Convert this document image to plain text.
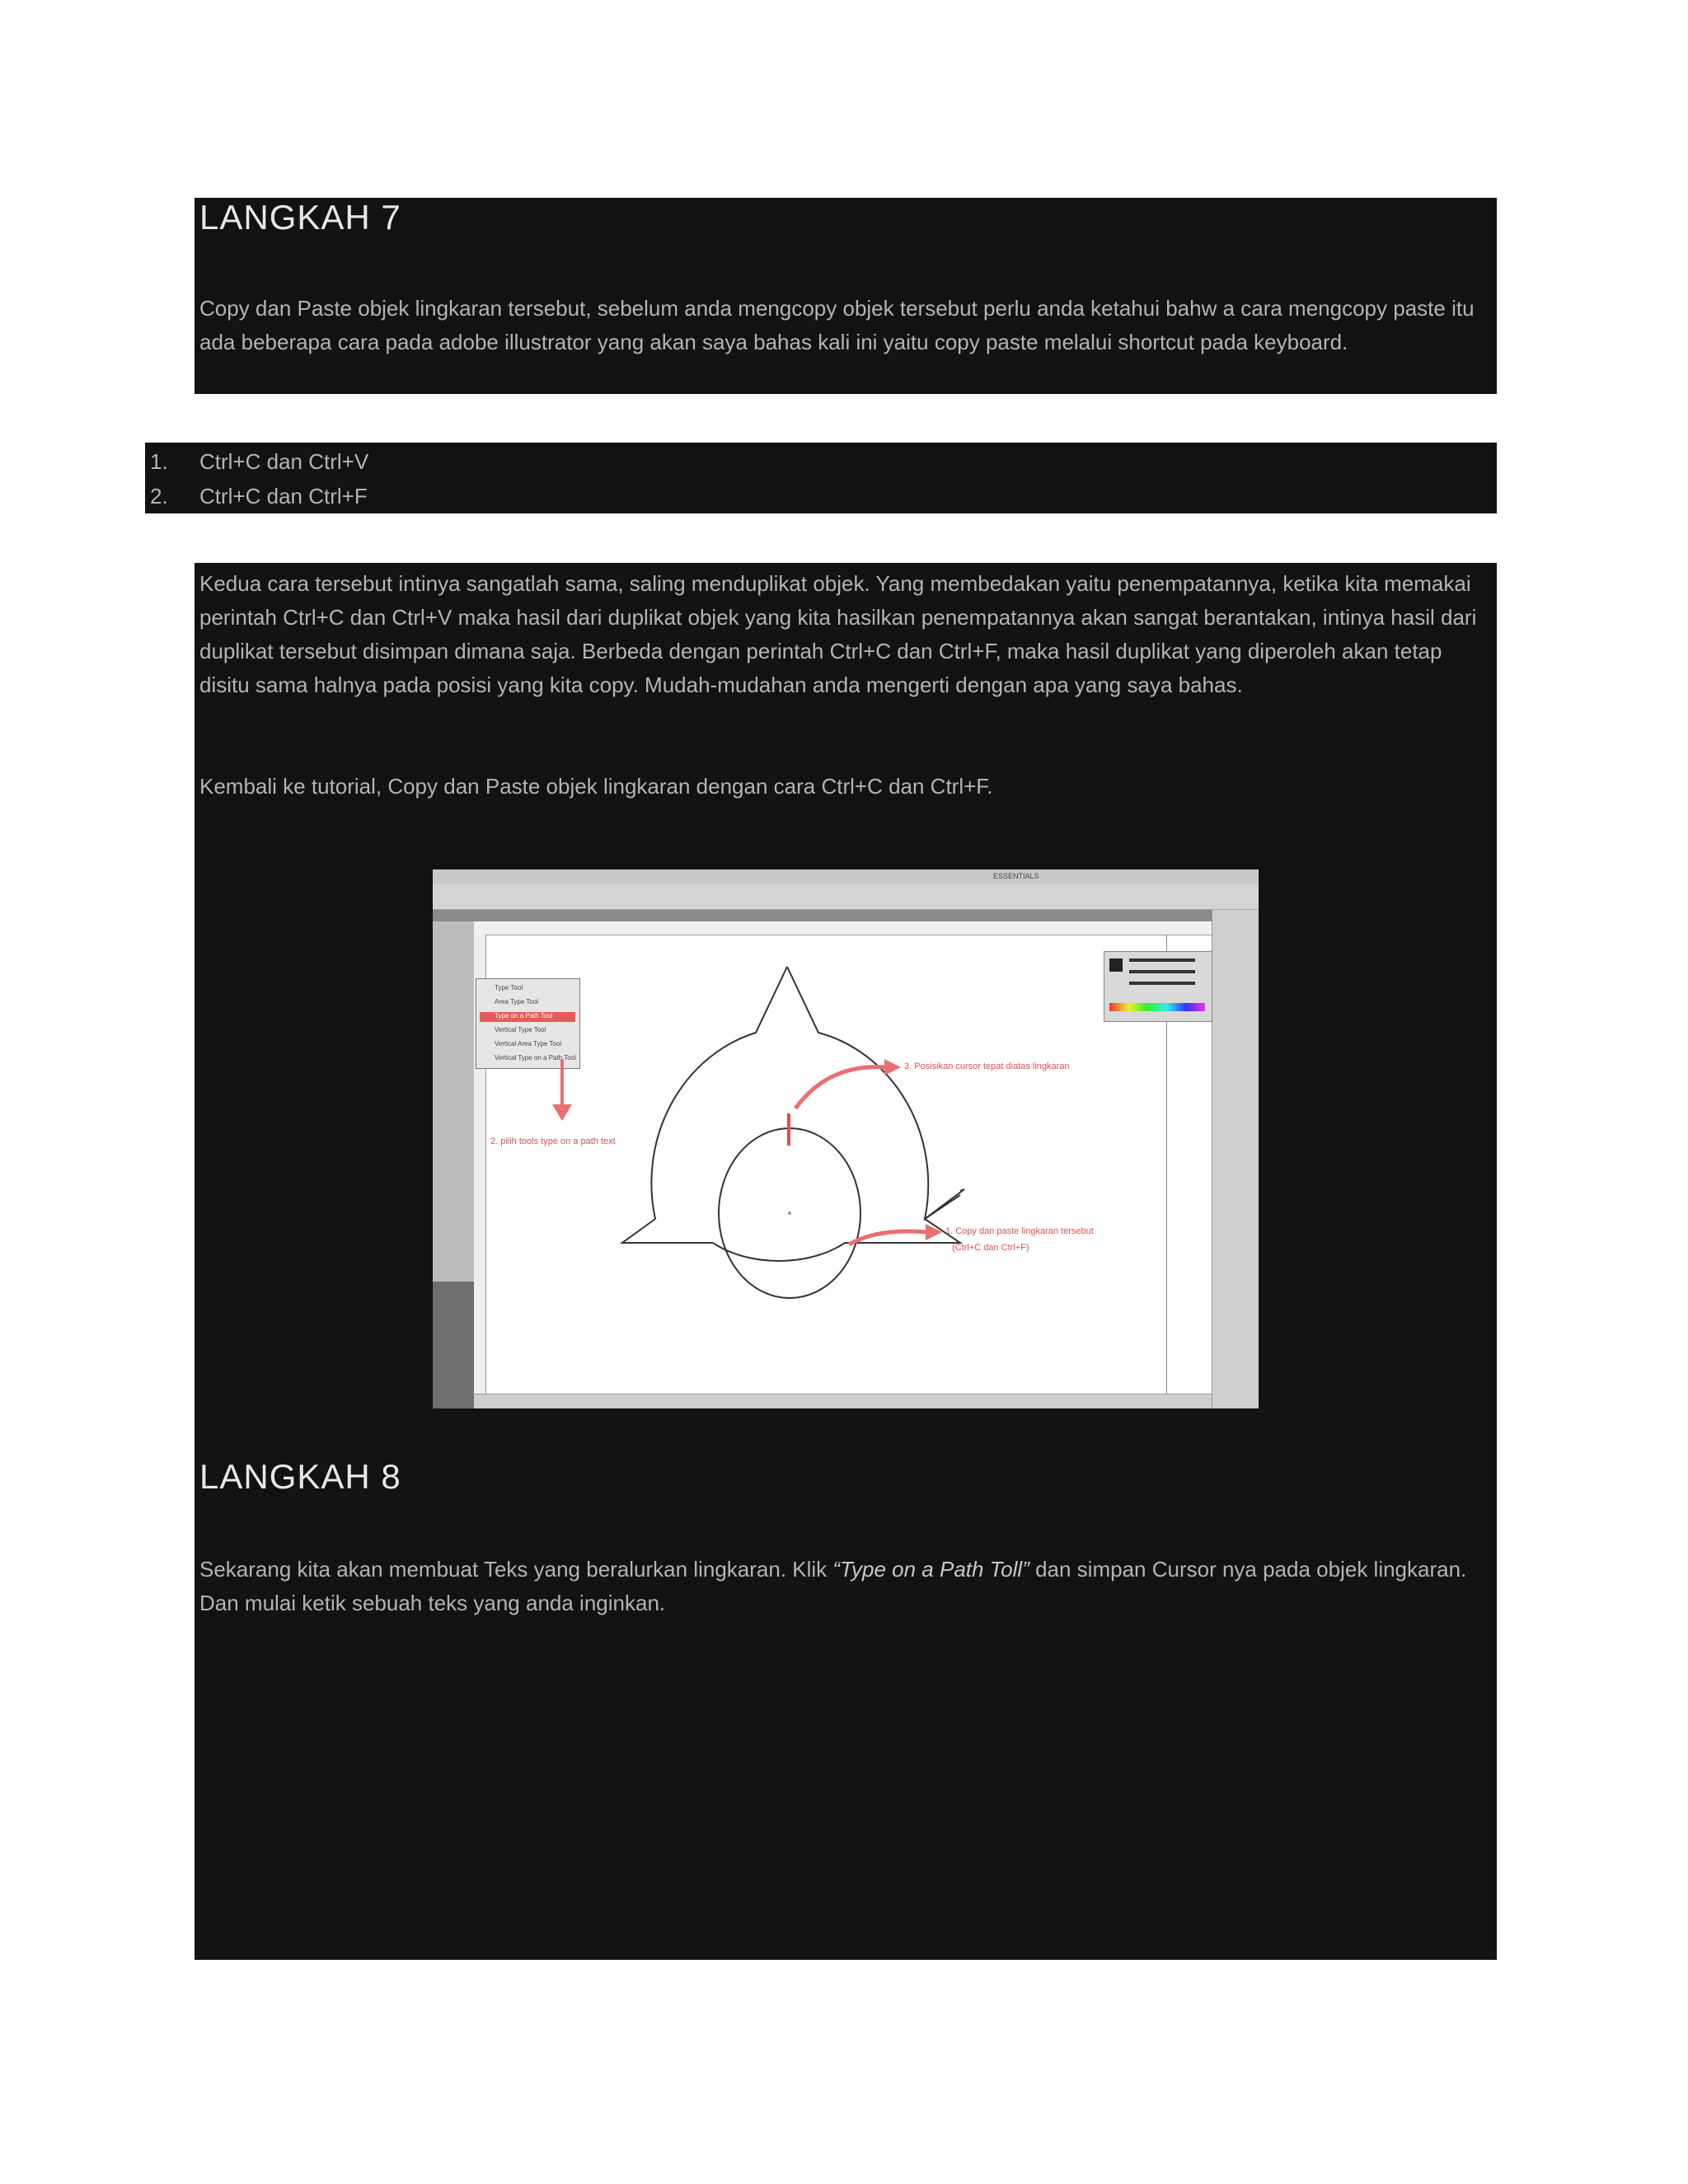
LANGKAH 7

Copy dan Paste objek lingkaran tersebut, sebelum anda mengcopy objek tersebut perlu anda ketahui bahw a cara mengcopy paste itu ada beberapa cara pada adobe illustrator yang akan saya bahas kali ini yaitu copy paste melalui shortcut pada keyboard.

1.	Ctrl+C dan Ctrl+V
2.	Ctrl+C dan Ctrl+F

Kedua cara tersebut intinya sangatlah sama, saling menduplikat objek. Yang membedakan yaitu penempatannya, ketika kita memakai perintah Ctrl+C dan Ctrl+V maka hasil dari duplikat objek yang kita hasilkan penempatannya akan sangat berantakan, intinya hasil dari duplikat tersebut disimpan dimana saja. Berbeda dengan perintah Ctrl+C dan Ctrl+F, maka hasil duplikat yang diperoleh akan tetap disitu sama halnya pada posisi yang kita copy. Mudah-mudahan anda mengerti dengan apa yang saya bahas.

Kembali ke tutorial, Copy dan Paste objek lingkaran dengan cara Ctrl+C dan Ctrl+F.

ESSENTIALS
Type Tool
Area Type Tool
Type on a Path Tool
Vertical Type Tool
Vertical Area Type Tool
Vertical Type on a Path Tool
3. Posisikan cursor tepat diatas lingkaran
2. pilih tools type on a path text
1. Copy dan paste lingkaran tersebut
(Ctrl+C dan Ctrl+F)
LANGKAH 8

Sekarang kita akan membuat Teks yang beralurkan lingkaran. Klik “Type on a Path Toll” dan simpan Cursor nya pada objek lingkaran. Dan mulai ketik sebuah teks yang anda inginkan.
